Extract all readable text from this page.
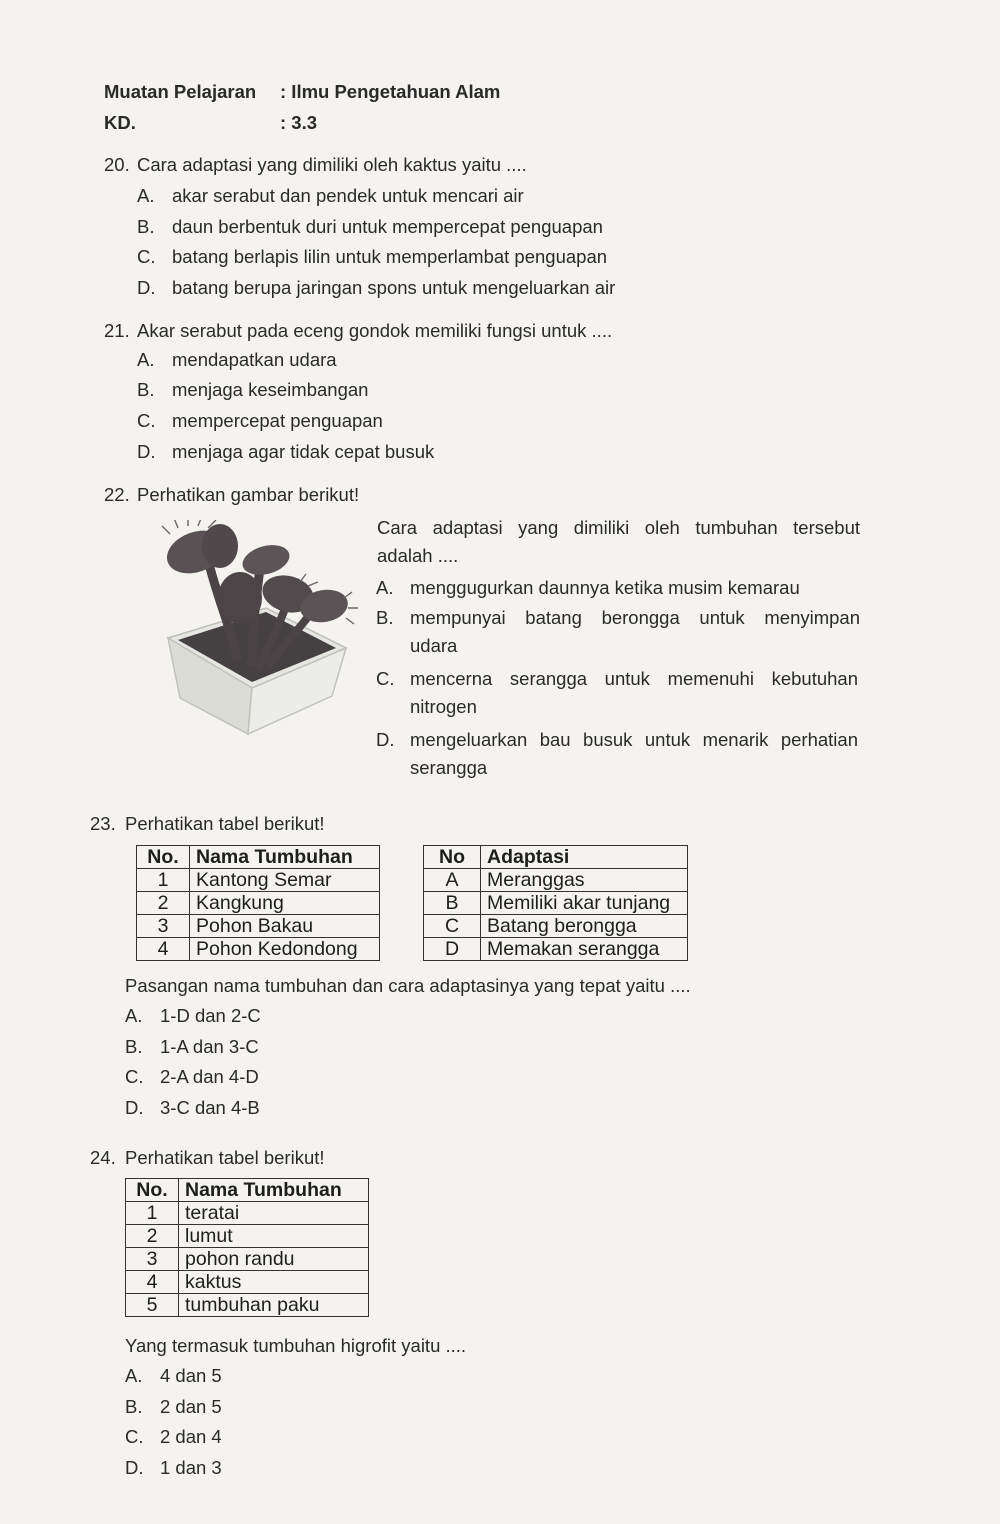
Muatan Pelajaran : Ilmu Pengetahuan Alam
KD.	: 3.3
20. Cara adaptasi yang dimiliki oleh kaktus yaitu ....
A. akar serabut dan pendek untuk mencari air
B. daun berbentuk duri untuk mempercepat penguapan
C. batang berlapis lilin untuk memperlambat penguapan
D. batang berupa jaringan spons untuk mengeluarkan air
21. Akar serabut pada eceng gondok memiliki fungsi untuk ....
A. mendapatkan udara
B. menjaga keseimbangan
C. mempercepat penguapan
D. menjaga agar tidak cepat busuk
22. Perhatikan gambar berikut!
Cara adaptasi yang dimiliki oleh tumbuhan tersebut
adalah ....
A. menggugurkan daunnya ketika musim kemarau
B. mempunyai batang berongga untuk menyimpan
udara
C. mencerna serangga untuk memenuhi kebutuhan
nitrogen
D. mengeluarkan bau busuk untuk menarik perhatian
serangga
23. Perhatikan tabel berikut!
No.	Nama Tumbuhan
1	Kantong Semar
2	Kangkung
3	Pohon Bakau
4	Pohon Kedondong
No	Adaptasi
A	Meranggas
B	Memiliki akar tunjang
C	Batang berongga
D	Memakan serangga
Pasangan nama tumbuhan dan cara adaptasinya yang tepat yaitu ....
A. 1-D dan 2-C
B. 1-A dan 3-C
C. 2-A dan 4-D
D. 3-C dan 4-B
24. Perhatikan tabel berikut!
No.	Nama Tumbuhan
1	teratai
2	lumut
3	pohon randu
4	kaktus
5	tumbuhan paku
Yang termasuk tumbuhan higrofit yaitu ....
A. 4 dan 5
B. 2 dan 5
C. 2 dan 4
D. 1 dan 3
